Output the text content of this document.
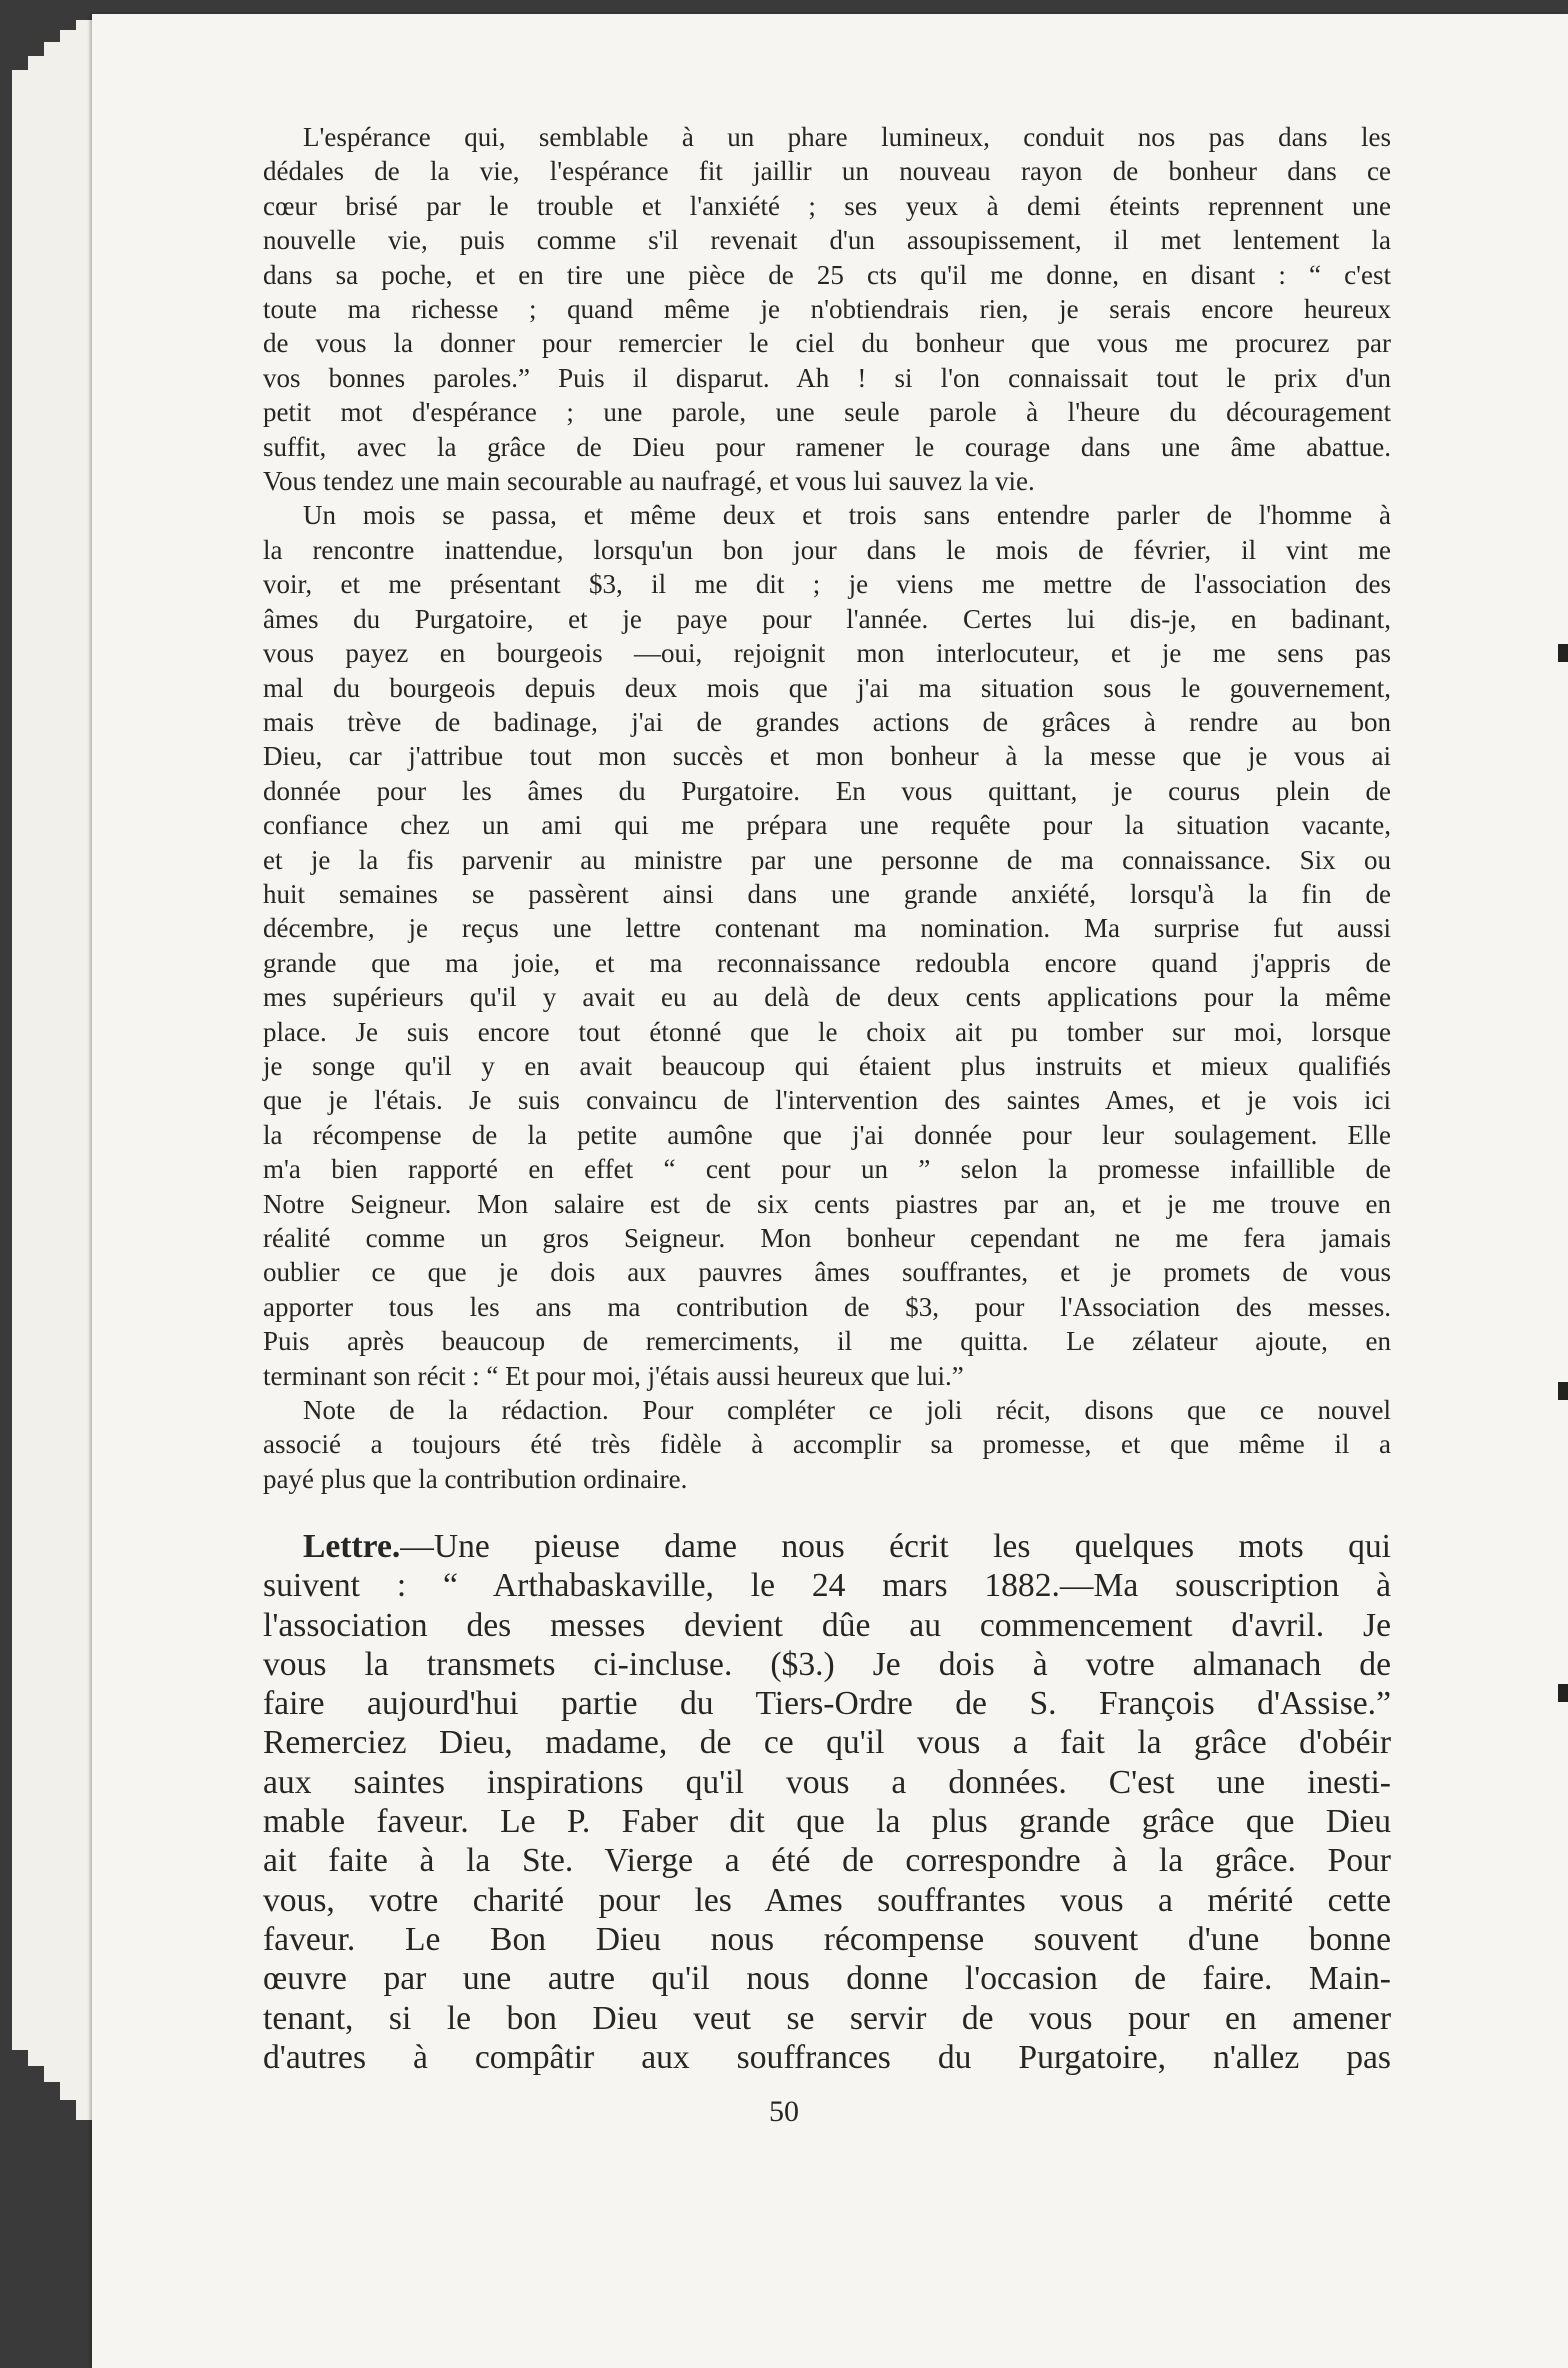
L'espérance qui, semblable à un phare lumineux, conduit nos pas dans les
dédales de la vie, l'espérance fit jaillir un nouveau rayon de bonheur dans ce
cœur brisé par le trouble et l'anxiété ; ses yeux à demi éteints reprennent une
nouvelle vie, puis comme s'il revenait d'un assoupissement, il met lentement la
dans sa poche, et en tire une pièce de 25 cts qu'il me donne, en disant : “ c'est
toute ma richesse ; quand même je n'obtiendrais rien, je serais encore heureux
de vous la donner pour remercier le ciel du bonheur que vous me procurez par
vos bonnes paroles.” Puis il disparut. Ah ! si l'on connaissait tout le prix d'un
petit mot d'espérance ; une parole, une seule parole à l'heure du découragement
suffit, avec la grâce de Dieu pour ramener le courage dans une âme abattue.
Vous tendez une main secourable au naufragé, et vous lui sauvez la vie.

Un mois se passa, et même deux et trois sans entendre parler de l'homme à
la rencontre inattendue, lorsqu'un bon jour dans le mois de février, il vint me
voir, et me présentant $3, il me dit ; je viens me mettre de l'association des
âmes du Purgatoire, et je paye pour l'année. Certes lui dis-je, en badinant,
vous payez en bourgeois —oui, rejoignit mon interlocuteur, et je me sens pas
mal du bourgeois depuis deux mois que j'ai ma situation sous le gouvernement,
mais trève de badinage, j'ai de grandes actions de grâces à rendre au bon
Dieu, car j'attribue tout mon succès et mon bonheur à la messe que je vous ai
donnée pour les âmes du Purgatoire. En vous quittant, je courus plein de
confiance chez un ami qui me prépara une requête pour la situation vacante,
et je la fis parvenir au ministre par une personne de ma connaissance. Six ou
huit semaines se passèrent ainsi dans une grande anxiété, lorsqu'à la fin de
décembre, je reçus une lettre contenant ma nomination. Ma surprise fut aussi
grande que ma joie, et ma reconnaissance redoubla encore quand j'appris de
mes supérieurs qu'il y avait eu au delà de deux cents applications pour la même
place. Je suis encore tout étonné que le choix ait pu tomber sur moi, lorsque
je songe qu'il y en avait beaucoup qui étaient plus instruits et mieux qualifiés
que je l'étais. Je suis convaincu de l'intervention des saintes Ames, et je vois ici
la récompense de la petite aumône que j'ai donnée pour leur soulagement. Elle
m'a bien rapporté en effet “ cent pour un ” selon la promesse infaillible de
Notre Seigneur. Mon salaire est de six cents piastres par an, et je me trouve en
réalité comme un gros Seigneur. Mon bonheur cependant ne me fera jamais
oublier ce que je dois aux pauvres âmes souffrantes, et je promets de vous
apporter tous les ans ma contribution de $3, pour l'Association des messes.
Puis après beaucoup de remerciments, il me quitta. Le zélateur ajoute, en
terminant son récit : “ Et pour moi, j'étais aussi heureux que lui.”

Note de la rédaction. Pour compléter ce joli récit, disons que ce nouvel
associé a toujours été très fidèle à accomplir sa promesse, et que même il a
payé plus que la contribution ordinaire.

Lettre.—Une pieuse dame nous écrit les quelques mots qui
suivent : “ Arthabaskaville, le 24 mars 1882.—Ma souscription à
l'association des messes devient dûe au commencement d'avril. Je
vous la transmets ci-incluse. ($3.) Je dois à votre almanach de
faire aujourd'hui partie du Tiers-Ordre de S. François d'Assise.”
Remerciez Dieu, madame, de ce qu'il vous a fait la grâce d'obéir
aux saintes inspirations qu'il vous a données. C'est une inesti-
mable faveur. Le P. Faber dit que la plus grande grâce que Dieu
ait faite à la Ste. Vierge a été de correspondre à la grâce. Pour
vous, votre charité pour les Ames souffrantes vous a mérité cette
faveur. Le Bon Dieu nous récompense souvent d'une bonne
œuvre par une autre qu'il nous donne l'occasion de faire. Main-
tenant, si le bon Dieu veut se servir de vous pour en amener
d'autres à compâtir aux souffrances du Purgatoire, n'allez pas
50
